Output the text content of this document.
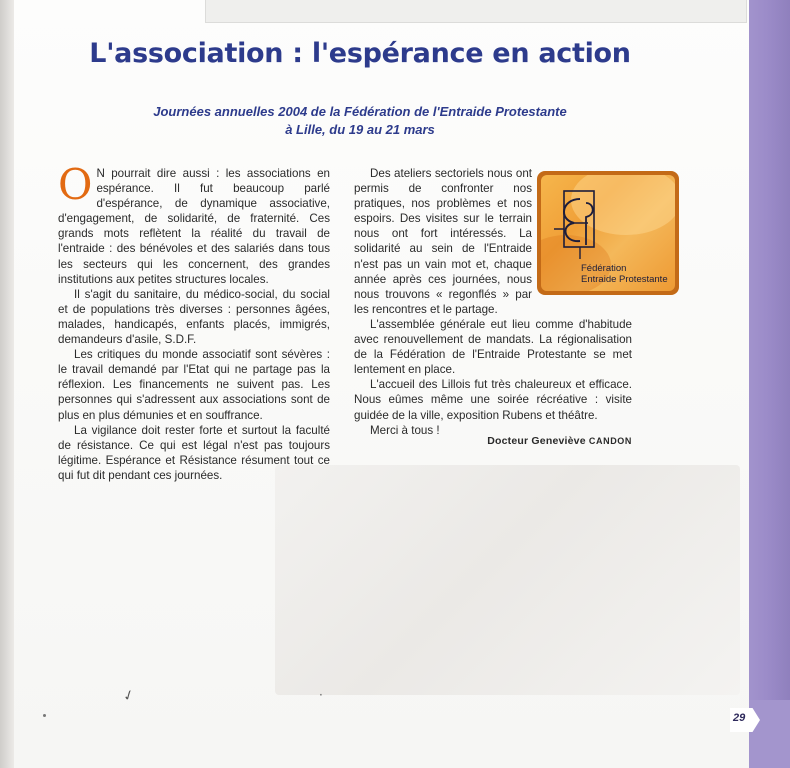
L'association : l'espérance en action
Journées annuelles 2004 de la Fédération de l'Entraide Protestante
à Lille, du 19 au 21 mars

O N pourrait dire aussi : les associations en espérance. Il fut beaucoup parlé d'espérance, de dynamique associative, d'engagement, de solidarité, de fraternité. Ces grands mots reflètent la réalité du travail de l'entraide : des bénévoles et des salariés dans tous les secteurs qui les concernent, des grandes institutions aux petites structures locales.

Il s'agit du sanitaire, du médico-social, du social et de populations très diverses : personnes âgées, malades, handicapés, enfants placés, immigrés, demandeurs d'asile, S.D.F.

Les critiques du monde associatif sont sévères : le travail demandé par l'Etat qui ne partage pas la réflexion. Les financements ne suivent pas. Les personnes qui s'adressent aux associations sont de plus en plus démunies et en souffrance.

La vigilance doit rester forte et surtout la faculté de résistance. Ce qui est légal n'est pas toujours légitime. Espérance et Résistance résument tout ce qui fut dit pendant ces journées.

Des ateliers sectoriels nous ont permis de confronter nos pratiques, nos problèmes et nos espoirs. Des visites sur le terrain nous ont fort intéressés. La solidarité au sein de l'Entraide n'est pas un vain mot et, chaque année après ces journées, nous nous trouvons « regonflés » par les rencontres et le partage.

L'assemblée générale eut lieu comme d'habitude avec renouvellement de mandats. La régionalisation de la Fédération de l'Entraide Protestante se met lentement en place.

L'accueil des Lillois fut très chaleureux et efficace. Nous eûmes même une soirée récréative : visite guidée de la ville, exposition Rubens et théâtre.

Merci à tous !

Docteur Geneviève CANDON
Fédération
Entraide Protestante
29
✓	·
